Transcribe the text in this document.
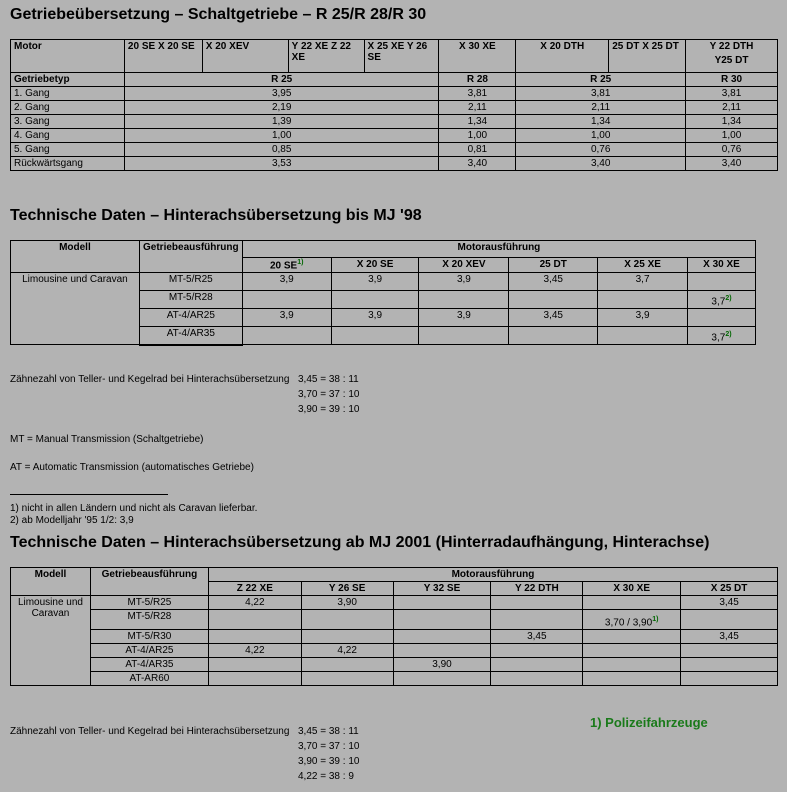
Getriebeübersetzung – Schaltgetriebe – R 25/R 28/R 30
Motor	20 SE X 20 SE	X 20 XEV	Y 22 XE Z 22 XE	X 25 XE Y 26 SE	X 30 XE	X 20 DTH	25 DT X 25 DT	Y 22 DTH
Y25 DT

Getriebetyp	R 25				R 28	R 25		R 30
1. Gang	3,95				3,81	3,81		3,81
2. Gang	2,19				2,11	2,11		2,11
3. Gang	1,39				1,34	1,34		1,34
4. Gang	1,00				1,00	1,00		1,00
5. Gang	0,85				0,81	0,76		0,76
Rückwärtsgang	3,53				3,40	3,40		3,40
Technische Daten – Hinterachsübersetzung bis MJ '98
Modell	Getriebeausführung	Motorausführung					
		20 SE$^{1)}$	X 20 SE	X 20 XEV	25 DT	X 25 XE	X 30 XE
Limousine und Caravan	MT-5/R25	3,9	3,9	3,9	3,45	3,7	
	MT-5/R28						3,7$^{2)}$
	AT-4/AR25	3,9	3,9	3,9	3,45	3,9	
	AT-4/AR35						3,7$^{2)}$
Zähnezahl von Teller- und Kegelrad bei Hinterachsübersetzung 3,45 = 38 : 11
3,70 = 37 : 10
3,90 = 39 : 10
MT = Manual Transmission (Schaltgetriebe)
AT = Automatic Transmission (automatisches Getriebe)
1) nicht in allen Ländern und nicht als Caravan lieferbar.
2) ab Modelljahr '95 1/2: 3,9
Technische Daten – Hinterachsübersetzung ab MJ 2001 (Hinterradaufhängung, Hinterachse)
Modell	Getriebeausführung	Motorausführung					
		Z 22 XE	Y 26 SE	Y 32 SE	Y 22 DTH	X 30 XE	X 25 DT
Limousine und Caravan	MT-5/R25	4,22	3,90				3,45
	MT-5/R28					3,70 / 3,90$^{1)}$	
	MT-5/R30				3,45		3,45
	AT-4/AR25	4,22	4,22				
	AT-4/AR35			3,90			
	AT-AR60						
1) Polizeifahrzeuge
Zähnezahl von Teller- und Kegelrad bei Hinterachsübersetzung 3,45 = 38 : 11
3,70 = 37 : 10
3,90 = 39 : 10
4,22 = 38 : 9
